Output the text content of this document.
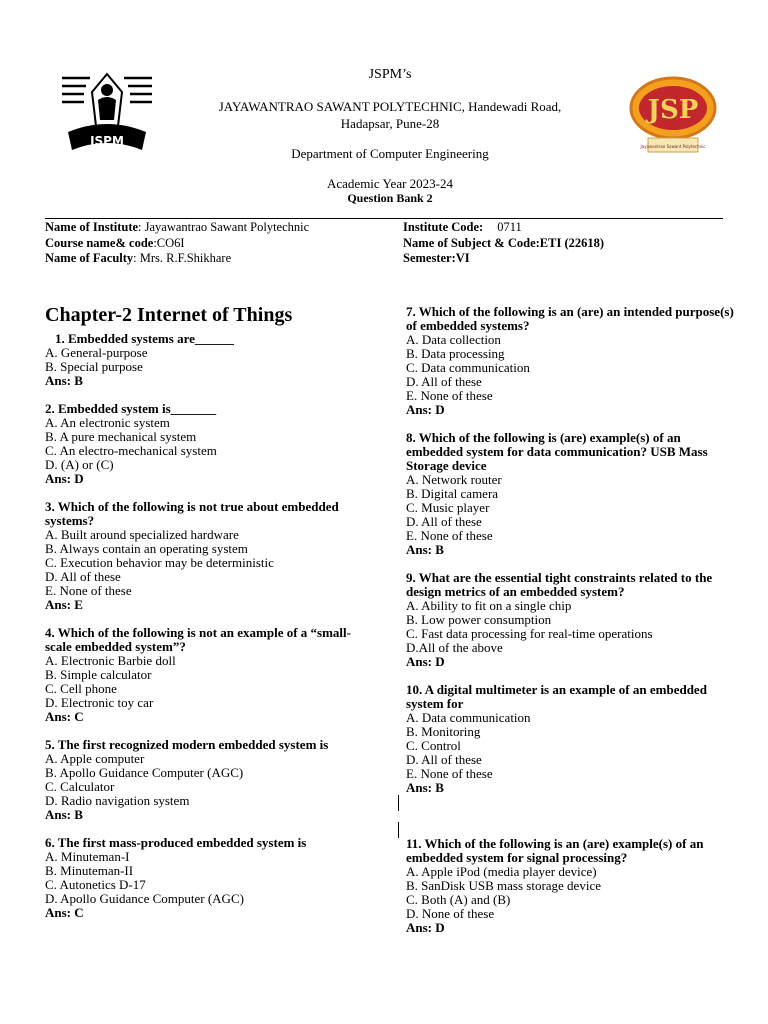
JSPM
JSP
Jayawantrao Sawant Polytechnic
JSPM’s
JAYAWANTRAO SAWANT POLYTECHNIC, Handewadi Road,
Hadapsar, Pune-28
Department of Computer Engineering
Academic Year 2023-24
Question Bank 2
Name of Institute: Jayawantrao Sawant Polytechnic	Institute Code: 0711
Course name& code:CO6I	Name of Subject & Code:ETI (22618)
Name of Faculty: Mrs. R.F.Shikhare	Semester:VI
Chapter-2 Internet of Things
1. Embedded systems are______
A. General-purpose
B. Special purpose
Ans: B
2. Embedded system is_______
A. An electronic system
B. A pure mechanical system
C. An electro-mechanical system
D. (A) or (C)
Ans: D
3. Which of the following is not true about embedded systems?
A. Built around specialized hardware
B. Always contain an operating system
C. Execution behavior may be deterministic
D. All of these
E. None of these
Ans: E
4. Which of the following is not an example of a “small-scale embedded system”?
A. Electronic Barbie doll
B. Simple calculator
C. Cell phone
D. Electronic toy car
Ans: C
5. The first recognized modern embedded system is
A. Apple computer
B. Apollo Guidance Computer (AGC)
C. Calculator
D. Radio navigation system
Ans: B
6. The first mass-produced embedded system is
A. Minuteman-I
B. Minuteman-II
C. Autonetics D-17
D. Apollo Guidance Computer (AGC)
Ans: C
7. Which of the following is an (are) an intended purpose(s) of embedded systems?
A. Data collection
B. Data processing
C. Data communication
D. All of these
E. None of these
Ans: D
8. Which of the following is (are) example(s) of an embedded system for data communication? USB Mass Storage device
A. Network router
B. Digital camera
C. Music player
D. All of these
E. None of these
Ans: B
9. What are the essential tight constraints related to the design metrics of an embedded system?
A. Ability to fit on a single chip
B. Low power consumption
C. Fast data processing for real-time operations
D.All of the above
Ans: D
10. A digital multimeter is an example of an embedded system for
A. Data communication
B. Monitoring
C. Control
D. All of these
E. None of these
Ans: B
11. Which of the following is an (are) example(s) of an embedded system for signal processing?
A. Apple iPod (media player device)
B. SanDisk USB mass storage device
C. Both (A) and (B)
D. None of these
Ans: D
